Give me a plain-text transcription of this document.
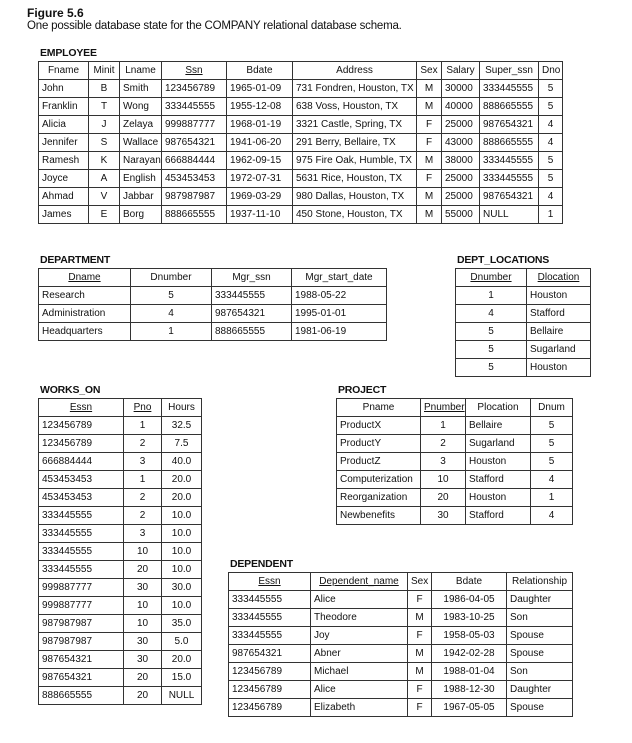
Figure 5.6
One possible database state for the COMPANY relational database schema.
EMPLOYEE
Fname	Minit	Lname	Ssn	Bdate	Address	Sex	Salary	Super_ssn	Dno
John	B	Smith	123456789	1965-01-09	731 Fondren, Houston, TX	M	30000	333445555	5
Franklin	T	Wong	333445555	1955-12-08	638 Voss, Houston, TX	M	40000	888665555	5
Alicia	J	Zelaya	999887777	1968-01-19	3321 Castle, Spring, TX	F	25000	987654321	4
Jennifer	S	Wallace	987654321	1941-06-20	291 Berry, Bellaire, TX	F	43000	888665555	4
Ramesh	K	Narayan	666884444	1962-09-15	975 Fire Oak, Humble, TX	M	38000	333445555	5
Joyce	A	English	453453453	1972-07-31	5631 Rice, Houston, TX	F	25000	333445555	5
Ahmad	V	Jabbar	987987987	1969-03-29	980 Dallas, Houston, TX	M	25000	987654321	4
James	E	Borg	888665555	1937-11-10	450 Stone, Houston, TX	M	55000	NULL	1
DEPARTMENT
Dname	Dnumber	Mgr_ssn	Mgr_start_date
Research	5	333445555	1988-05-22
Administration	4	987654321	1995-01-01
Headquarters	1	888665555	1981-06-19
DEPT_LOCATIONS
Dnumber	Dlocation
1	Houston
4	Stafford
5	Bellaire
5	Sugarland
5	Houston
WORKS_ON
Essn	Pno	Hours
123456789	1	32.5
123456789	2	7.5
666884444	3	40.0
453453453	1	20.0
453453453	2	20.0
333445555	2	10.0
333445555	3	10.0
333445555	10	10.0
333445555	20	10.0
999887777	30	30.0
999887777	10	10.0
987987987	10	35.0
987987987	30	5.0
987654321	30	20.0
987654321	20	15.0
888665555	20	NULL
PROJECT
Pname	Pnumber	Plocation	Dnum
ProductX	1	Bellaire	5
ProductY	2	Sugarland	5
ProductZ	3	Houston	5
Computerization	10	Stafford	4
Reorganization	20	Houston	1
Newbenefits	30	Stafford	4
DEPENDENT
Essn	Dependent_name	Sex	Bdate	Relationship
333445555	Alice	F	1986-04-05	Daughter
333445555	Theodore	M	1983-10-25	Son
333445555	Joy	F	1958-05-03	Spouse
987654321	Abner	M	1942-02-28	Spouse
123456789	Michael	M	1988-01-04	Son
123456789	Alice	F	1988-12-30	Daughter
123456789	Elizabeth	F	1967-05-05	Spouse
